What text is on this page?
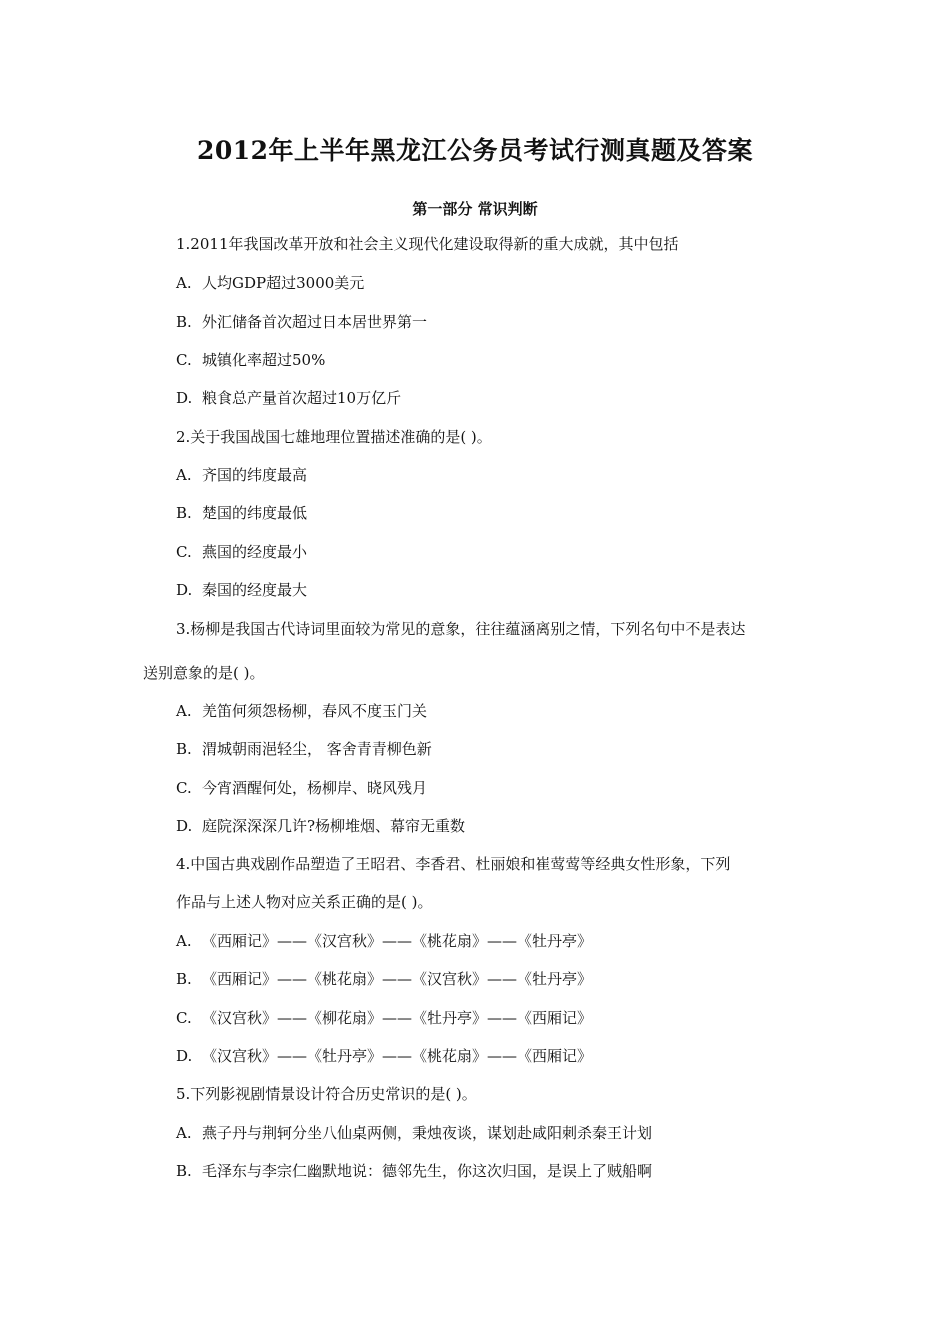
2012年上半年黑龙江公务员考试行测真题及答案
第一部分 常识判断
1.2011年我国改革开放和社会主义现代化建设取得新的重大成就，其中包括
A. 人均GDP超过3000美元
B. 外汇储备首次超过日本居世界第一
C. 城镇化率超过50%
D. 粮食总产量首次超过10万亿斤
2.关于我国战国七雄地理位置描述准确的是( )。
A. 齐国的纬度最高
B. 楚国的纬度最低
C. 燕国的经度最小
D. 秦国的经度最大
3.杨柳是我国古代诗词里面较为常见的意象，往往蕴涵离别之情，下列名句中不是表达
送别意象的是( )。
A. 羌笛何须怨杨柳，春风不度玉门关
B. 渭城朝雨浥轻尘， 客舍青青柳色新
C. 今宵酒醒何处，杨柳岸、晓风残月
D. 庭院深深深几许?杨柳堆烟、幕帘无重数
4.中国古典戏剧作品塑造了王昭君、李香君、杜丽娘和崔莺莺等经典女性形象，下列
作品与上述人物对应关系正确的是( )。
A. 《西厢记》——《汉宫秋》——《桃花扇》——《牡丹亭》
B. 《西厢记》——《桃花扇》——《汉宫秋》——《牡丹亭》
C. 《汉宫秋》——《柳花扇》——《牡丹亭》——《西厢记》
D. 《汉宫秋》——《牡丹亭》——《桃花扇》——《西厢记》
5.下列影视剧情景设计符合历史常识的是( )。
A. 燕子丹与荆轲分坐八仙桌两侧，秉烛夜谈，谋划赴咸阳刺杀秦王计划
B. 毛泽东与李宗仁幽默地说：德邻先生，你这次归国，是误上了贼船啊
